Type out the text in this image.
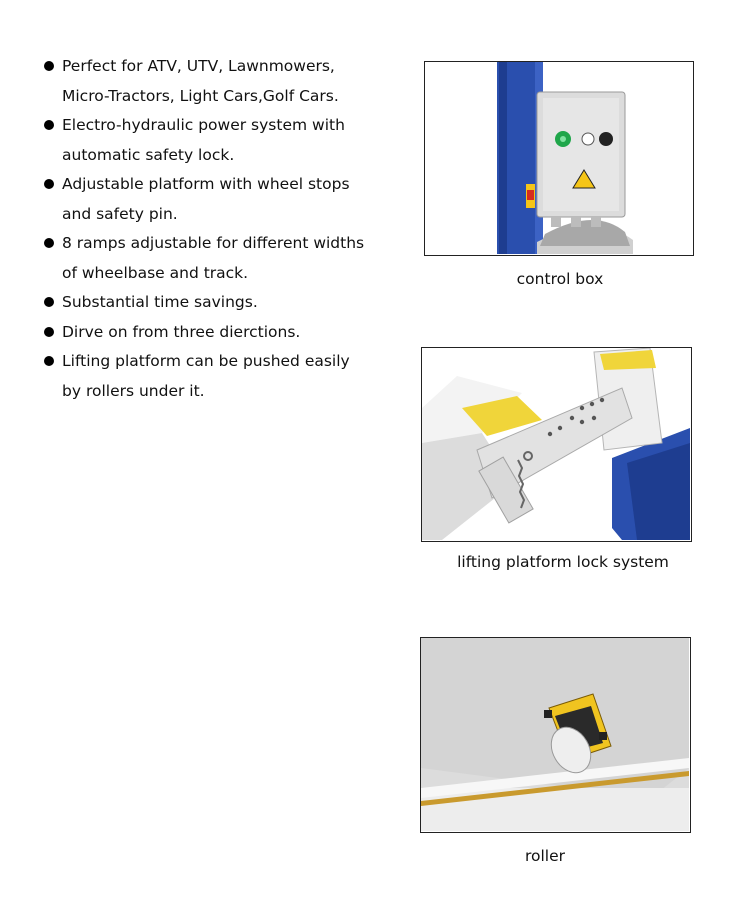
Perfect for ATV, UTV, Lawnmowers, Micro-Tractors, Light Cars,Golf Cars.
Electro-hydraulic power system with automatic safety lock.
Adjustable platform with wheel stops and safety pin.
8 ramps adjustable for different widths of wheelbase and track.
Substantial time savings.
Dirve on from three dierctions.
Lifting platform can be pushed easily by rollers under it.
control box
lifting platform lock system
roller
